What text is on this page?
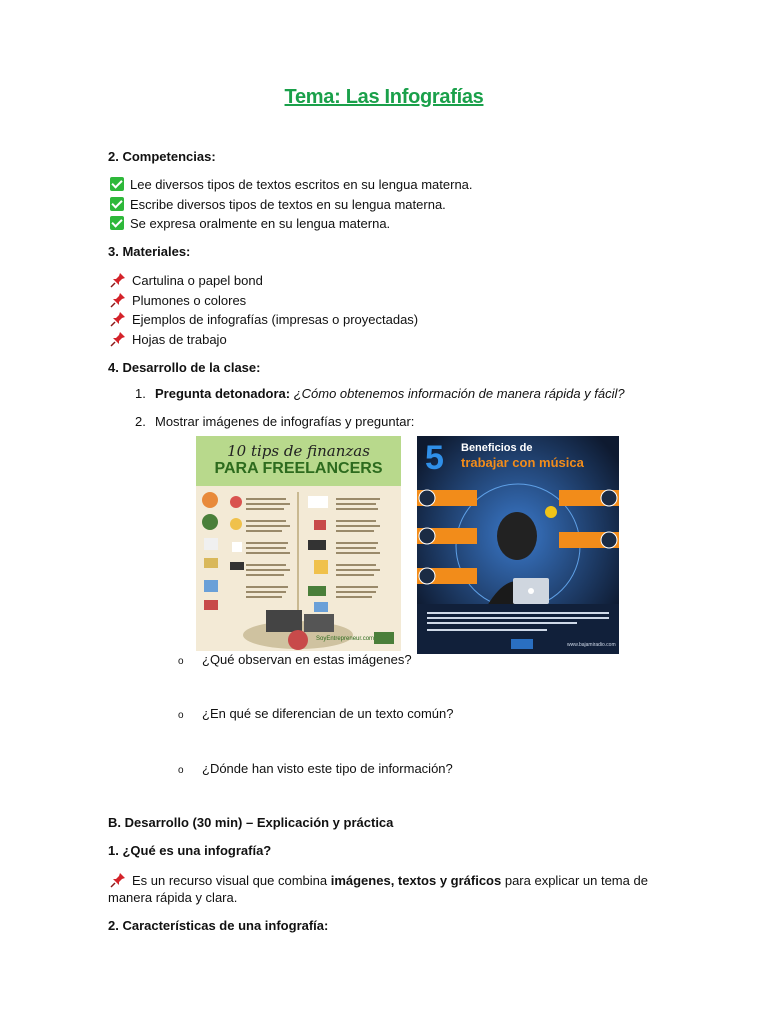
Tema: Las Infografías
2. Competencias:
Lee diversos tipos de textos escritos en su lengua materna.
Escribe diversos tipos de textos en su lengua materna.
Se expresa oralmente en su lengua materna.
3. Materiales:
Cartulina o papel bond
Plumones o colores
Ejemplos de infografías (impresas o proyectadas)
Hojas de trabajo
4. Desarrollo de la clase:
1. Pregunta detonadora: ¿Cómo obtenemos información de manera rápida y fácil?
2. Mostrar imágenes de infografías y preguntar:
10 tips de finanzas
PARA FREELANCERS
SoyEntrepreneur.com
5 Beneficios de
trabajar con música
www.bajamiradio.com
o ¿Qué observan en estas imágenes?
o ¿En qué se diferencian de un texto común?
o ¿Dónde han visto este tipo de información?
B. Desarrollo (30 min) – Explicación y práctica
1. ¿Qué es una infografía?
Es un recurso visual que combina imágenes, textos y gráficos para explicar un tema de
manera rápida y clara.
2. Características de una infografía:
